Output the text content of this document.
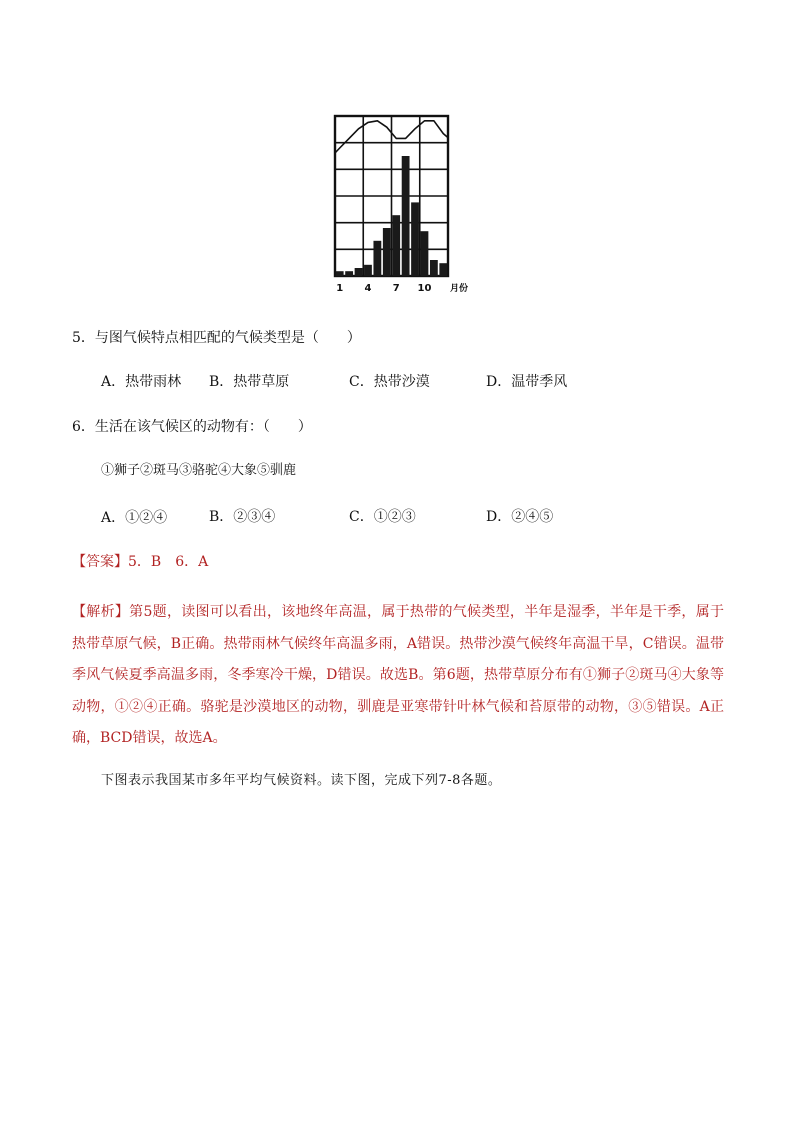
1 4 7 10 月份
5．与图气候特点相匹配的气候类型是（　　）
A．热带雨林 B．热带草原	C．热带沙漠	D．温带季风
6．生活在该气候区的动物有：（　　）
①狮子②斑马③骆驼④大象⑤驯鹿
A．①②④	B．②③④	C．①②③	D．②④⑤
【答案】5．B　6．A
【解析】第5题，读图可以看出，该地终年高温，属于热带的气候类型，半年是湿季，半年是干季，属于热带草原气候，B正确。热带雨林气候终年高温多雨，A错误。热带沙漠气候终年高温干旱，C错误。温带季风气候夏季高温多雨，冬季寒冷干燥，D错误。故选B。第6题，热带草原分布有①狮子②斑马④大象等动物，①②④正确。骆驼是沙漠地区的动物，驯鹿是亚寒带针叶林气候和苔原带的动物，③⑤错误。A正确，BCD错误，故选A。
下图表示我国某市多年平均气候资料。读下图，完成下列7-8各题。
